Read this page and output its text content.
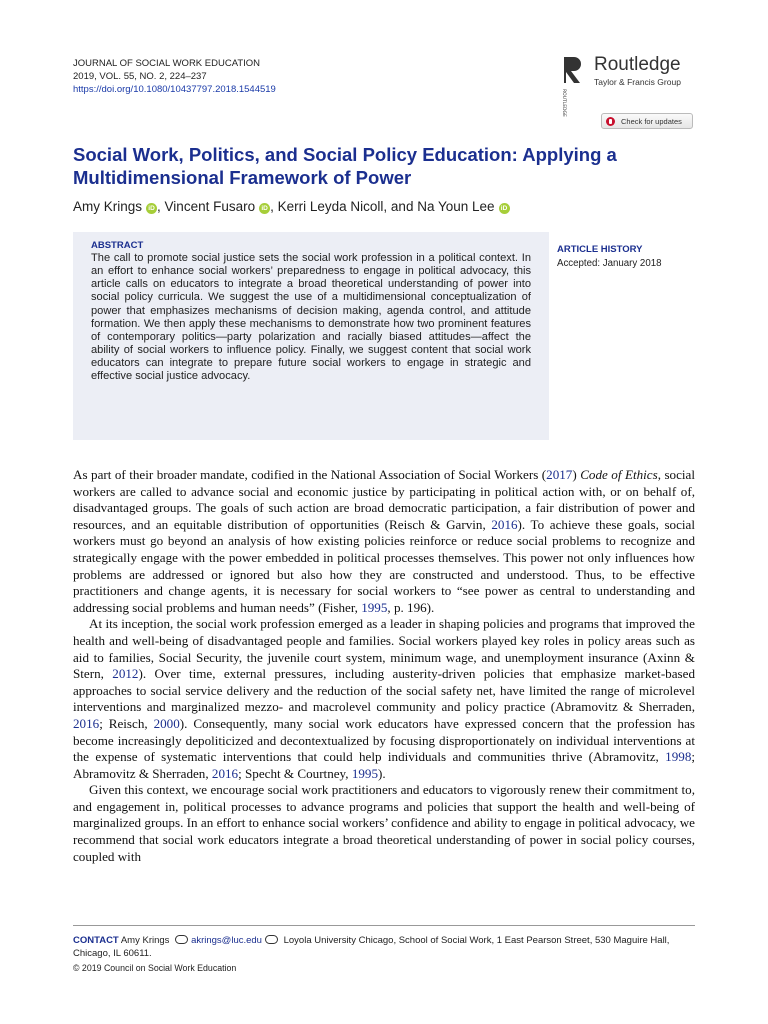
JOURNAL OF SOCIAL WORK EDUCATION
2019, VOL. 55, NO. 2, 224–237
https://doi.org/10.1080/10437797.2018.1544519	ROUTLEDGE
Routledge
Taylor & Francis Group
Check for updates
Social Work, Politics, and Social Policy Education: Applying a Multidimensional Framework of Power
Amy Krings iD , Vincent Fusaro iD , Kerri Leyda Nicoll, and Na Youn Lee iD
ABSTRACT
The call to promote social justice sets the social work profession in a political context. In an effort to enhance social workers’ preparedness to engage in political advocacy, this article calls on educators to integrate a broad theoretical understanding of power into social policy curricula. We suggest the use of a multidimensional conceptualization of power that emphasizes mechanisms of decision making, agenda control, and attitude formation. We then apply these mechanisms to demonstrate how two prominent features of contemporary politics—party polarization and racially biased attitudes—affect the ability of social workers to influence policy. Finally, we suggest content that social work educators can integrate to prepare future social workers to engage in strategic and effective social justice advocacy.
ARTICLE HISTORY
Accepted: January 2018

As part of their broader mandate, codified in the National Association of Social Workers (2017) Code of Ethics, social workers are called to advance social and economic justice by participating in political action with, or on behalf of, disadvantaged groups. The goals of such action are broad democratic participation, a fair distribution of power and resources, and an equitable distribution of opportunities (Reisch & Garvin, 2016). To achieve these goals, social workers must go beyond an analysis of how existing policies reinforce or reduce social problems to recognize and strategically engage with the power embedded in political processes themselves. This power not only influences how problems are addressed or ignored but also how they are constructed and understood. Thus, to be effective practitioners and change agents, it is necessary for social workers to “see power as central to understanding and addressing social problems and human needs” (Fisher, 1995, p. 196).

At its inception, the social work profession emerged as a leader in shaping policies and programs that improved the health and well-being of disadvantaged people and families. Social workers played key roles in policy areas such as aid to families, Social Security, the juvenile court system, minimum wage, and unemployment insurance (Axinn & Stern, 2012). Over time, external pressures, including austerity-driven policies that emphasize market-based approaches to social service delivery and the reduction of the social safety net, have limited the range of microlevel interventions and marginalized mezzo- and macrolevel community and policy practice (Abramovitz & Sherraden, 2016; Reisch, 2000). Consequently, many social work educators have expressed concern that the profession has become increasingly depoliticized and decontextualized by focusing disproportionately on individual interventions at the expense of systematic interventions that could help individuals and communities thrive (Abramovitz, 1998; Abramovitz & Sherraden, 2016; Specht & Courtney, 1995).

Given this context, we encourage social work practitioners and educators to vigorously renew their commitment to, and engagement in, political processes to advance programs and policies that support the health and well-being of marginalized groups. In an effort to enhance social workers’ confidence and ability to engage in political advocacy, we recommend that social work educators integrate a broad theoretical understanding of power in social policy courses, coupled with

CONTACT Amy Krings akrings@luc.edu Loyola University Chicago, School of Social Work, 1 East Pearson Street, 530 Maguire Hall, Chicago, IL 60611.
© 2019 Council on Social Work Education
